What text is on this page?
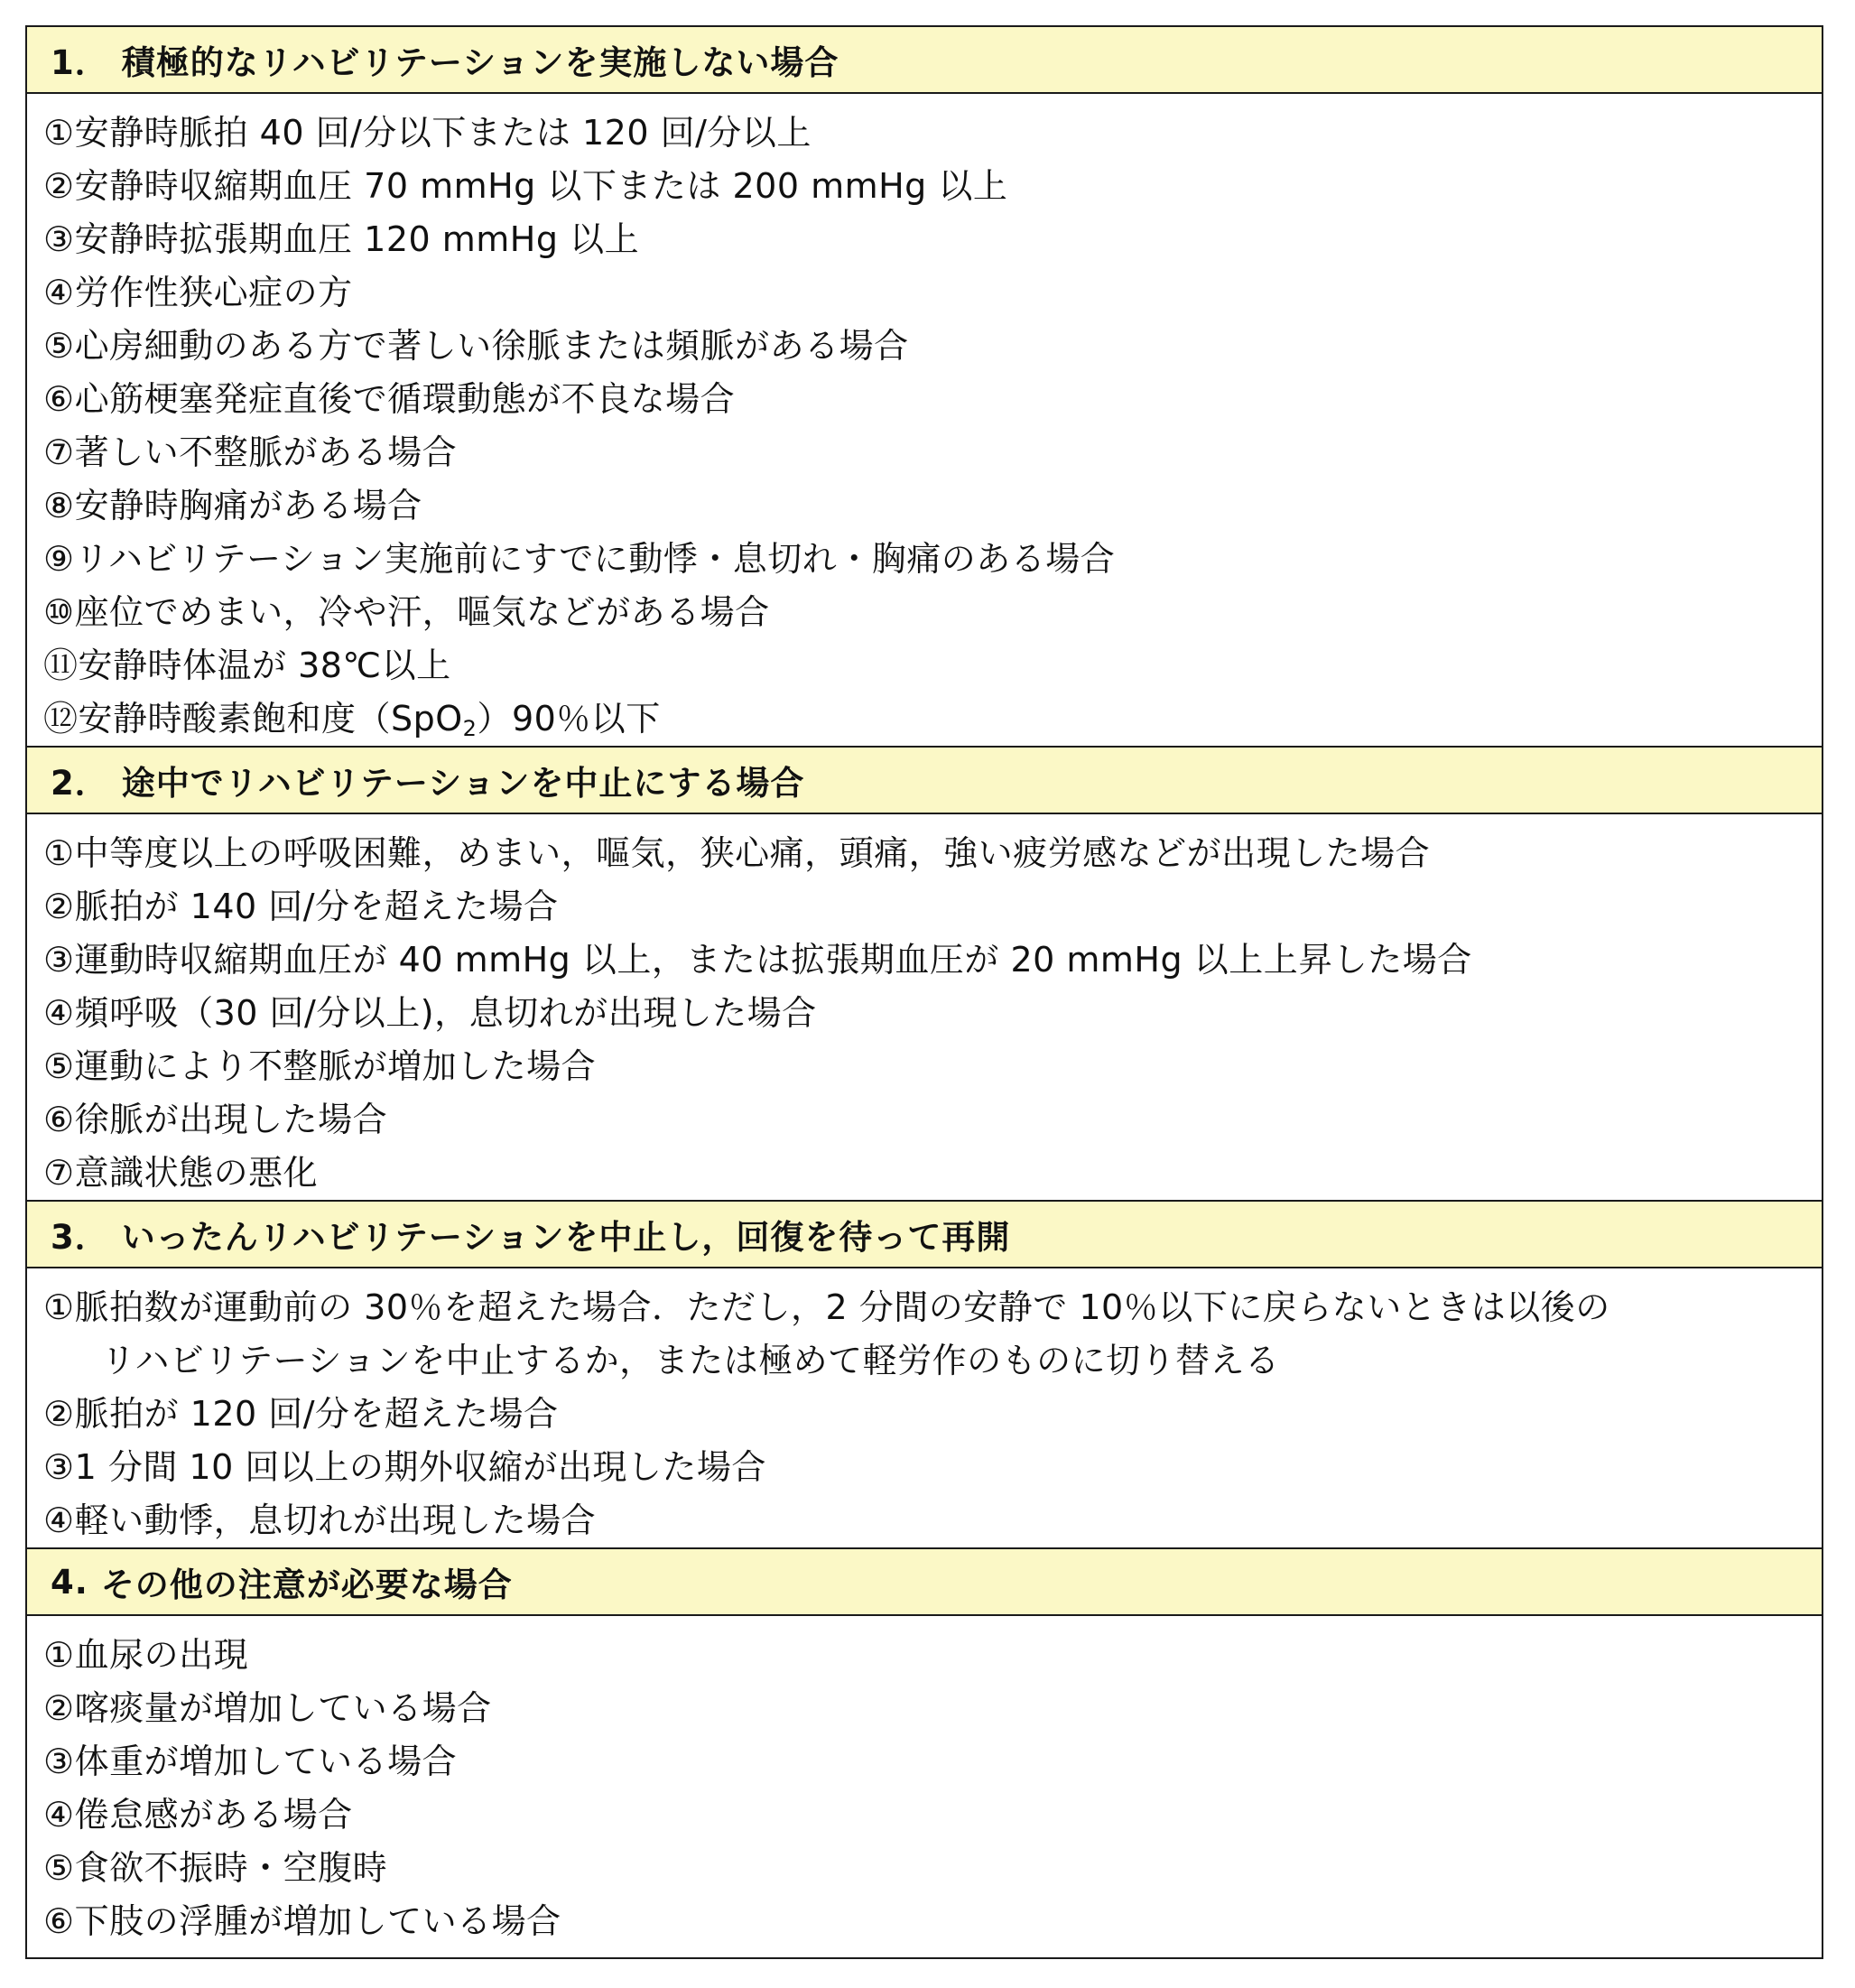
1． 積極的なリハビリテーションを実施しない場合
①安静時脈拍 40 回/分以下または 120 回/分以上
②安静時収縮期血圧 70 mmHg 以下または 200 mmHg 以上
③安静時拡張期血圧 120 mmHg 以上
④労作性狭心症の方
⑤心房細動のある方で著しい徐脈または頻脈がある場合
⑥心筋梗塞発症直後で循環動態が不良な場合
⑦著しい不整脈がある場合
⑧安静時胸痛がある場合
⑨リハビリテーション実施前にすでに動悸・息切れ・胸痛のある場合
⑩座位でめまい，冷や汗，嘔気などがある場合
⑪安静時体温が 38℃以上
⑫安静時酸素飽和度（SpO$_2$）90％以下
2． 途中でリハビリテーションを中止にする場合
①中等度以上の呼吸困難，めまい，嘔気，狭心痛，頭痛，強い疲労感などが出現した場合
②脈拍が 140 回/分を超えた場合
③運動時収縮期血圧が 40 mmHg 以上，または拡張期血圧が 20 mmHg 以上上昇した場合
④頻呼吸（30 回/分以上)，息切れが出現した場合
⑤運動により不整脈が増加した場合
⑥徐脈が出現した場合
⑦意識状態の悪化
3． いったんリハビリテーションを中止し，回復を待って再開
①脈拍数が運動前の 30％を超えた場合．ただし，2 分間の安静で 10％以下に戻らないときは以後の
リハビリテーションを中止するか，または極めて軽労作のものに切り替える
②脈拍が 120 回/分を超えた場合
③1 分間 10 回以上の期外収縮が出現した場合
④軽い動悸，息切れが出現した場合
4. その他の注意が必要な場合
①血尿の出現
②喀痰量が増加している場合
③体重が増加している場合
④倦怠感がある場合
⑤食欲不振時・空腹時
⑥下肢の浮腫が増加している場合
